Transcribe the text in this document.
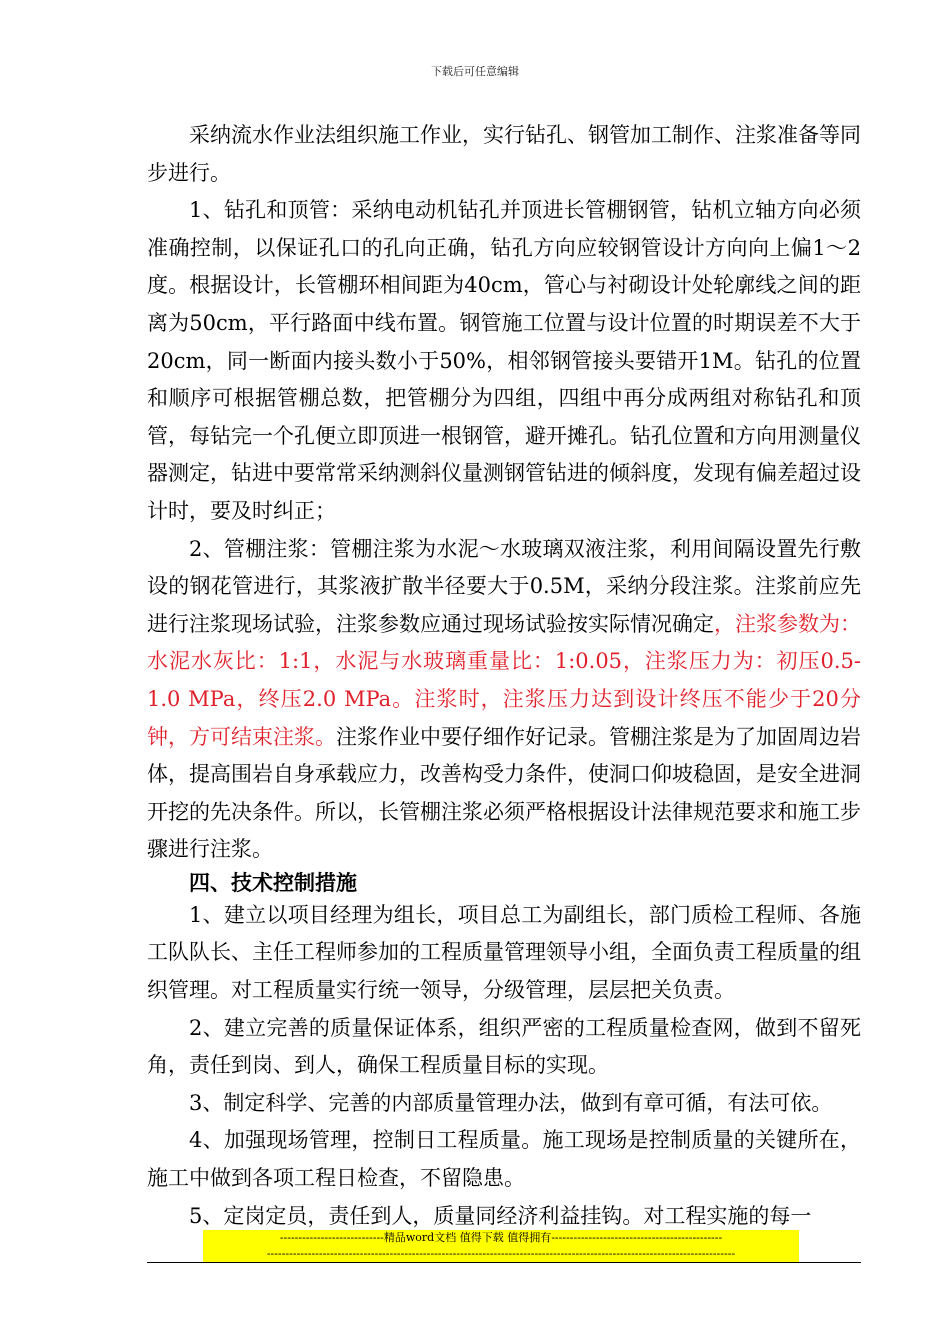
下载后可任意编辑

采纳流水作业法组织施工作业，实行钻孔、钢管加工制作、注浆准备等同步进行。

1、钻孔和顶管：采纳电动机钻孔并顶进长管棚钢管，钻机立轴方向必须准确控制，以保证孔口的孔向正确，钻孔方向应较钢管设计方向向上偏1～2度。根据设计，长管棚环相间距为40cm，管心与衬砌设计处轮廓线之间的距离为50cm，平行路面中线布置。钢管施工位置与设计位置的时期误差不大于20cm，同一断面内接头数小于50%，相邻钢管接头要错开1M。钻孔的位置和顺序可根据管棚总数，把管棚分为四组，四组中再分成两组对称钻孔和顶管，每钻完一个孔便立即顶进一根钢管，避开摊孔。钻孔位置和方向用测量仪器测定，钻进中要常常采纳测斜仪量测钢管钻进的倾斜度，发现有偏差超过设计时，要及时纠正；

2、管棚注浆：管棚注浆为水泥～水玻璃双液注浆，利用间隔设置先行敷设的钢花管进行，其浆液扩散半径要大于0.5M，采纳分段注浆。注浆前应先进行注浆现场试验，注浆参数应通过现场试验按实际情况确定，注浆参数为：水泥水灰比：1:1，水泥与水玻璃重量比：1:0.05，注浆压力为：初压0.5-1.0 MPa，终压2.0 MPa。注浆时，注浆压力达到设计终压不能少于20分钟，方可结束注浆。注浆作业中要仔细作好记录。管棚注浆是为了加固周边岩体，提高围岩自身承载应力，改善构受力条件，使洞口仰坡稳固，是安全进洞开挖的先决条件。所以，长管棚注浆必须严格根据设计法律规范要求和施工步骤进行注浆。

四、技术控制措施

1、建立以项目经理为组长，项目总工为副组长，部门质检工程师、各施工队队长、主任工程师参加的工程质量管理领导小组，全面负责工程质量的组织管理。对工程质量实行统一领导，分级管理，层层把关负责。

2、建立完善的质量保证体系，组织严密的工程质量检查网，做到不留死角，责任到岗、到人，确保工程质量目标的实现。

3、制定科学、完善的内部质量管理办法，做到有章可循，有法可依。

4、加强现场管理，控制日工程质量。施工现场是控制质量的关键所在，施工中做到各项工程日检查，不留隐患。

5、定岗定员，责任到人，质量同经济利益挂钩。对工程实施的每一

----------------------------精品word文档 值得下载 值得拥有----------------------------------------------
------------------------------------------------------------------------------------------------------------------------------
